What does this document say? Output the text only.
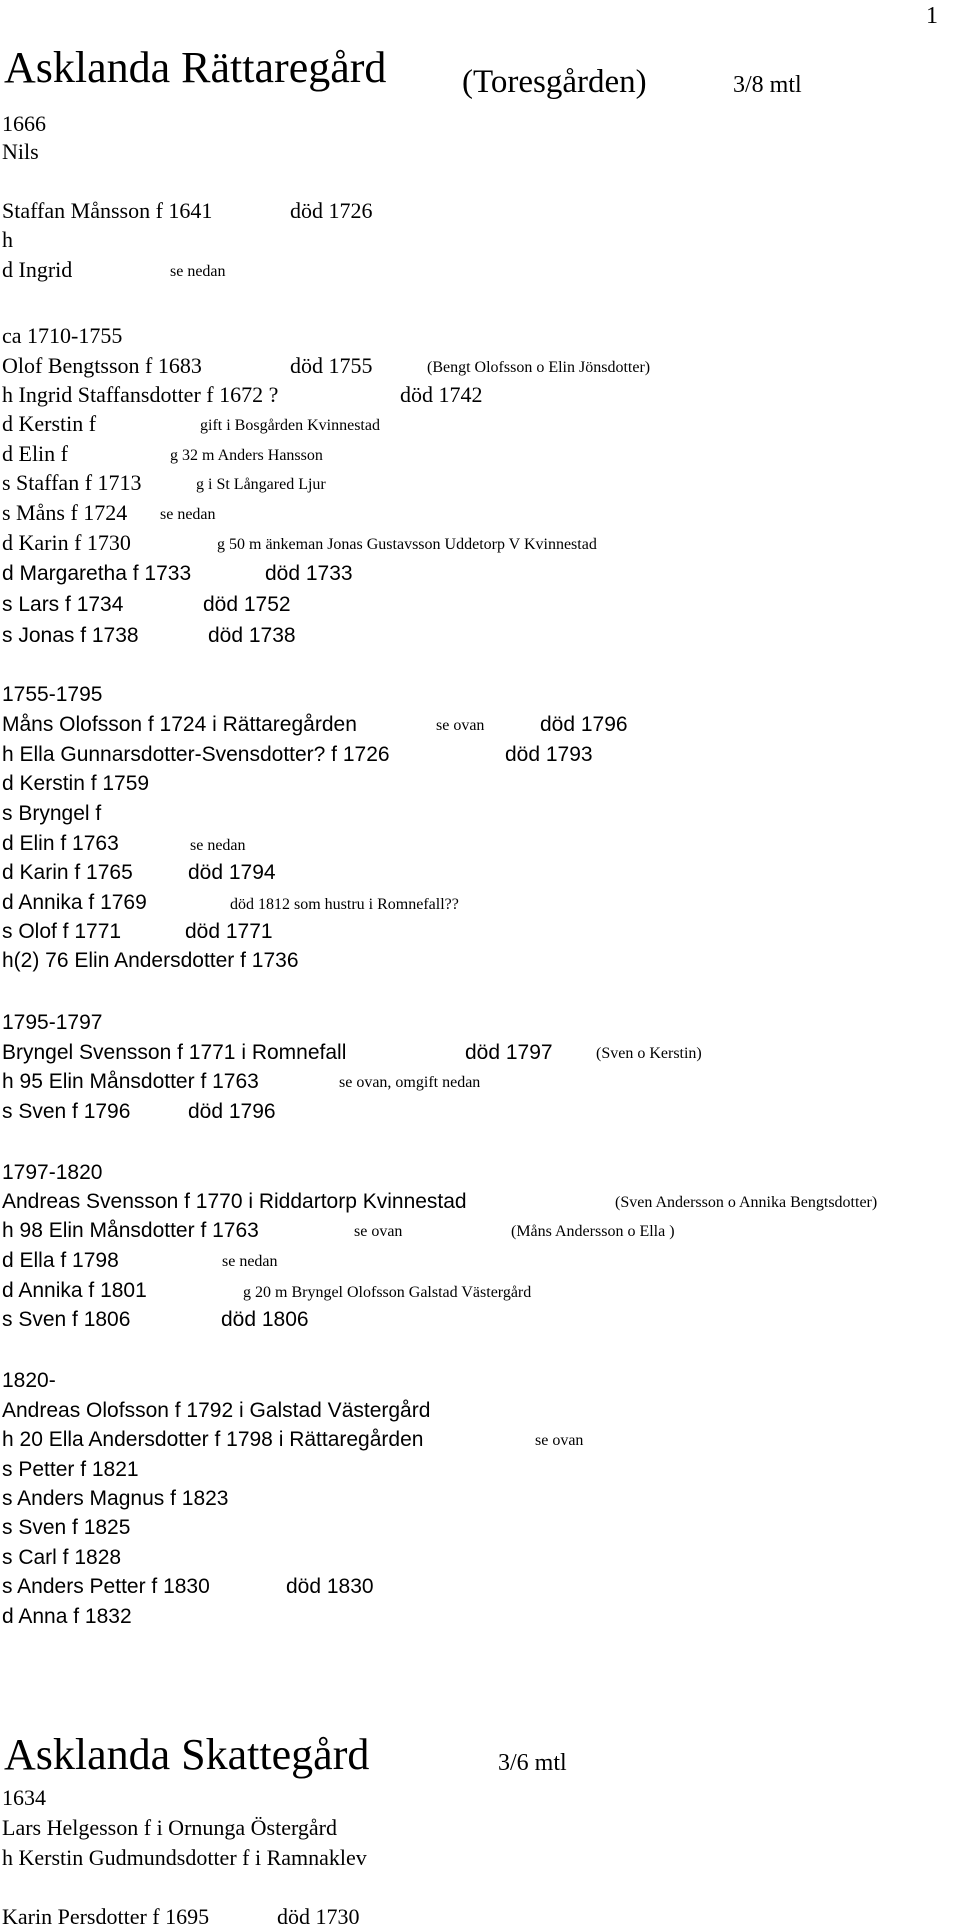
1
Asklanda Rättaregård (Toresgården)	3/8 mtl
1666
Nils
Staffan Månsson f 1641	död 1726
h
d Ingrid	se nedan
ca 1710-1755
Olof Bengtsson f 1683	död 1755	(Bengt Olofsson o Elin Jönsdotter)
h Ingrid Staffansdotter f 1672 ?	död 1742
d Kerstin f	gift i Bosgården Kvinnestad
d Elin f	g 32 m Anders Hansson
s Staffan f 1713	g i St Långared Ljur
s Måns f 1724 se nedan
d Karin f 1730	g 50 m änkeman Jonas Gustavsson Uddetorp V Kvinnestad
d Margaretha f 1733	död 1733
s Lars f 1734	död 1752
s Jonas f 1738	död 1738
1755-1795
Måns Olofsson f 1724 i Rättaregården	se ovan	död 1796
h Ella Gunnarsdotter-Svensdotter? f 1726	död 1793
d Kerstin f 1759
s Bryngel f
d Elin f 1763	se nedan
d Karin f 1765	död 1794
d Annika f 1769	död 1812 som hustru i Romnefall??
s Olof f 1771	död 1771
h(2) 76 Elin Andersdotter f 1736
1795-1797
Bryngel Svensson f 1771 i Romnefall	död 1797	(Sven o Kerstin)
h 95 Elin Månsdotter f 1763	se ovan, omgift nedan
s Sven f 1796	död 1796
1797-1820
Andreas Svensson f 1770 i Riddartorp Kvinnestad	(Sven Andersson o Annika Bengtsdotter)
h 98 Elin Månsdotter f 1763	se ovan	(Måns Andersson o Ella )
d Ella f 1798	se nedan
d Annika f 1801	g 20 m Bryngel Olofsson Galstad Västergård
s Sven f 1806	död 1806
1820-
Andreas Olofsson f 1792 i Galstad Västergård
h 20 Ella Andersdotter f 1798 i Rättaregården	se ovan
s Petter f 1821
s Anders Magnus f 1823
s Sven f 1825
s Carl f 1828
s Anders Petter f 1830	död 1830
d Anna f 1832
Asklanda Skattegård	3/6 mtl
1634
Lars Helgesson f i Ornunga Östergård
h Kerstin Gudmundsdotter f i Ramnaklev
Karin Persdotter f 1695	död 1730
